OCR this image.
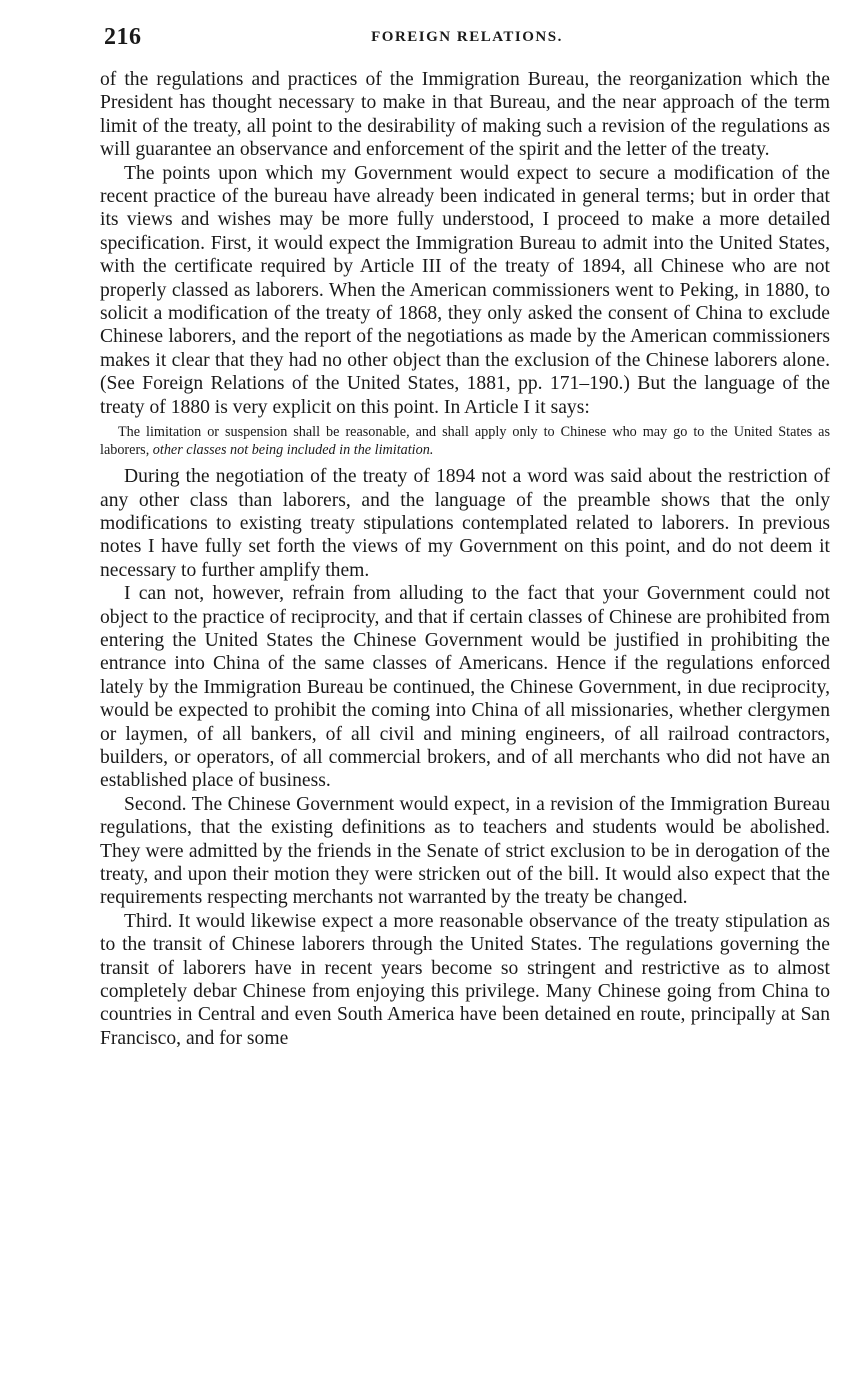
216	FOREIGN RELATIONS.

of the regulations and practices of the Immigration Bureau, the reorganization which the President has thought necessary to make in that Bureau, and the near approach of the term limit of the treaty, all point to the desirability of making such a revision of the regulations as will guarantee an observance and enforcement of the spirit and the letter of the treaty.

The points upon which my Government would expect to secure a modification of the recent practice of the bureau have already been indicated in general terms; but in order that its views and wishes may be more fully understood, I proceed to make a more detailed specification. First, it would expect the Immigration Bureau to admit into the United States, with the certificate required by Article III of the treaty of 1894, all Chinese who are not properly classed as laborers. When the American commissioners went to Peking, in 1880, to solicit a modification of the treaty of 1868, they only asked the consent of China to exclude Chinese laborers, and the report of the negotiations as made by the American commissioners makes it clear that they had no other object than the exclusion of the Chinese laborers alone. (See Foreign Relations of the United States, 1881, pp. 171–190.) But the language of the treaty of 1880 is very explicit on this point. In Article I it says:

The limitation or suspension shall be reasonable, and shall apply only to Chinese who may go to the United States as laborers, other classes not being included in the limitation.

During the negotiation of the treaty of 1894 not a word was said about the restriction of any other class than laborers, and the language of the preamble shows that the only modifications to existing treaty stipulations contemplated related to laborers. In previous notes I have fully set forth the views of my Government on this point, and do not deem it necessary to further amplify them.

I can not, however, refrain from alluding to the fact that your Government could not object to the practice of reciprocity, and that if certain classes of Chinese are prohibited from entering the United States the Chinese Government would be justified in prohibiting the entrance into China of the same classes of Americans. Hence if the regulations enforced lately by the Immigration Bureau be continued, the Chinese Government, in due reciprocity, would be expected to prohibit the coming into China of all missionaries, whether clergymen or laymen, of all bankers, of all civil and mining engineers, of all railroad contractors, builders, or operators, of all commercial brokers, and of all merchants who did not have an established place of business.

Second. The Chinese Government would expect, in a revision of the Immigration Bureau regulations, that the existing definitions as to teachers and students would be abolished. They were admitted by the friends in the Senate of strict exclusion to be in derogation of the treaty, and upon their motion they were stricken out of the bill. It would also expect that the requirements respecting merchants not warranted by the treaty be changed.

Third. It would likewise expect a more reasonable observance of the treaty stipulation as to the transit of Chinese laborers through the United States. The regulations governing the transit of laborers have in recent years become so stringent and restrictive as to almost completely debar Chinese from enjoying this privilege. Many Chinese going from China to countries in Central and even South America have been detained en route, principally at San Francisco, and for some
